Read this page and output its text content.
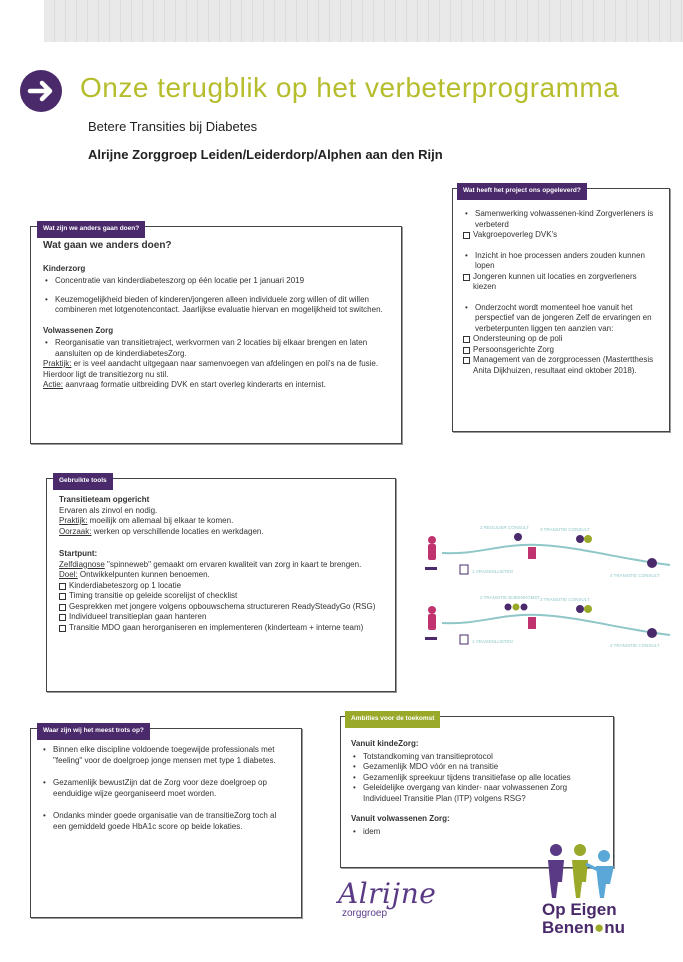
Onze terugblik op het verbeterprogramma
Betere Transities bij Diabetes
Alrijne Zorggroep Leiden/Leiderdorp/Alphen aan den Rijn
Wat zijn we anders gaan doen?

Wat gaan we anders doen?

Kinderzorg

• Concentratie van kinderdiabeteszorg op één locatie per 1 januari 2019

• Keuzemogelijkheid bieden of kinderen/jongeren alleen individuele zorg willen of dit willen combineren met lotgenotencontact. Jaarlijkse evaluatie hiervan en mogelijkheid tot switchen.

Volwassenen Zorg

• Reorganisatie van transitietraject, werkvormen van 2 locaties bij elkaar brengen en laten aansluiten op de kinderdiabetesZorg.

Praktijk: er is veel aandacht uitgegaan naar samenvoegen van afdelingen en poli's na de fusie. Hierdoor ligt de transitiezorg nu stil.

Actie: aanvraag formatie uitbreiding DVK en start overleg kinderarts en internist.

Wat heeft het project ons opgeleverd?

• Samenwerking volwassenen-kind Zorgverleners is verbeterd

Vakgroepoverleg DVK's

• Inzicht in hoe processen anders zouden kunnen lopen

Jongeren kunnen uit locaties en zorgverleners kiezen

• Onderzocht wordt momenteel hoe vanuit het perspectief van de jongeren Zelf de ervaringen en verbeterpunten liggen ten aanzien van:

Ondersteuning op de poli

Persoonsgerichte Zorg

Management van de zorgprocessen (Mastertthesis Anita Dijkhuizen, resultaat eind oktober 2018).

Gebruikte tools

Transitieteam opgericht

Ervaren als zinvol en nodig.

Praktijk: moeilijk om allemaal bij elkaar te komen.

Oorzaak: werken op verschillende locaties en werkdagen.

Startpunt:

Zelfdiagnose "spinneweb" gemaakt om ervaren kwaliteit van zorg in kaart te brengen.

Doel: Ontwikkelpunten kunnen benoemen.

Kinderdiabeteszorg op 1 locatie

Timing transitie op geleide scorelijst of checklist

Gesprekken met jongere volgens opbouwschema structureren ReadySteadyGo (RSG)

Individueel transitieplan gaan hanteren

Transitie MDO gaan herorganiseren en implementeren (kinderteam + interne team)

2 REGULIER CONSULT 3 TRANSITIE CONSULT
1 VRAGENLIJSTEN
4 TRANSITIE CONSULT
2 TRANSITIE BIJEENKOMST 3 TRANSITIE CONSULT
1 VRAGENLIJSTEN
4 TRANSITIE CONSULT
Waar zijn wij het meest trots op?

• Binnen elke discipline voldoende toegewijde professionals met "feeling" voor de doelgroep jonge mensen met type 1 diabetes.

• Gezamenlijk bewustZijn dat de Zorg voor deze doelgroep op eenduidige wijze georganiseerd moet worden.

• Ondanks minder goede organisatie van de transitieZorg toch al een gemiddeld goede HbA1c score op beide lokaties.

Ambities voor de toekomst

Vanuit kindeZorg:

• Totstandkoming van transitieprotocol

• Gezamenlijk MDO vóór en na transitie

• Gezamenlijk spreekuur tijdens transitiefase op alle locaties

• Geleidelijke overgang van kinder- naar volwassenen Zorg Individueel Transitie Plan (ITP) volgens RSG?

Vanuit volwassenen Zorg:

• idem

Alrijne
zorggroep	Op Eigen
Benen●nu
